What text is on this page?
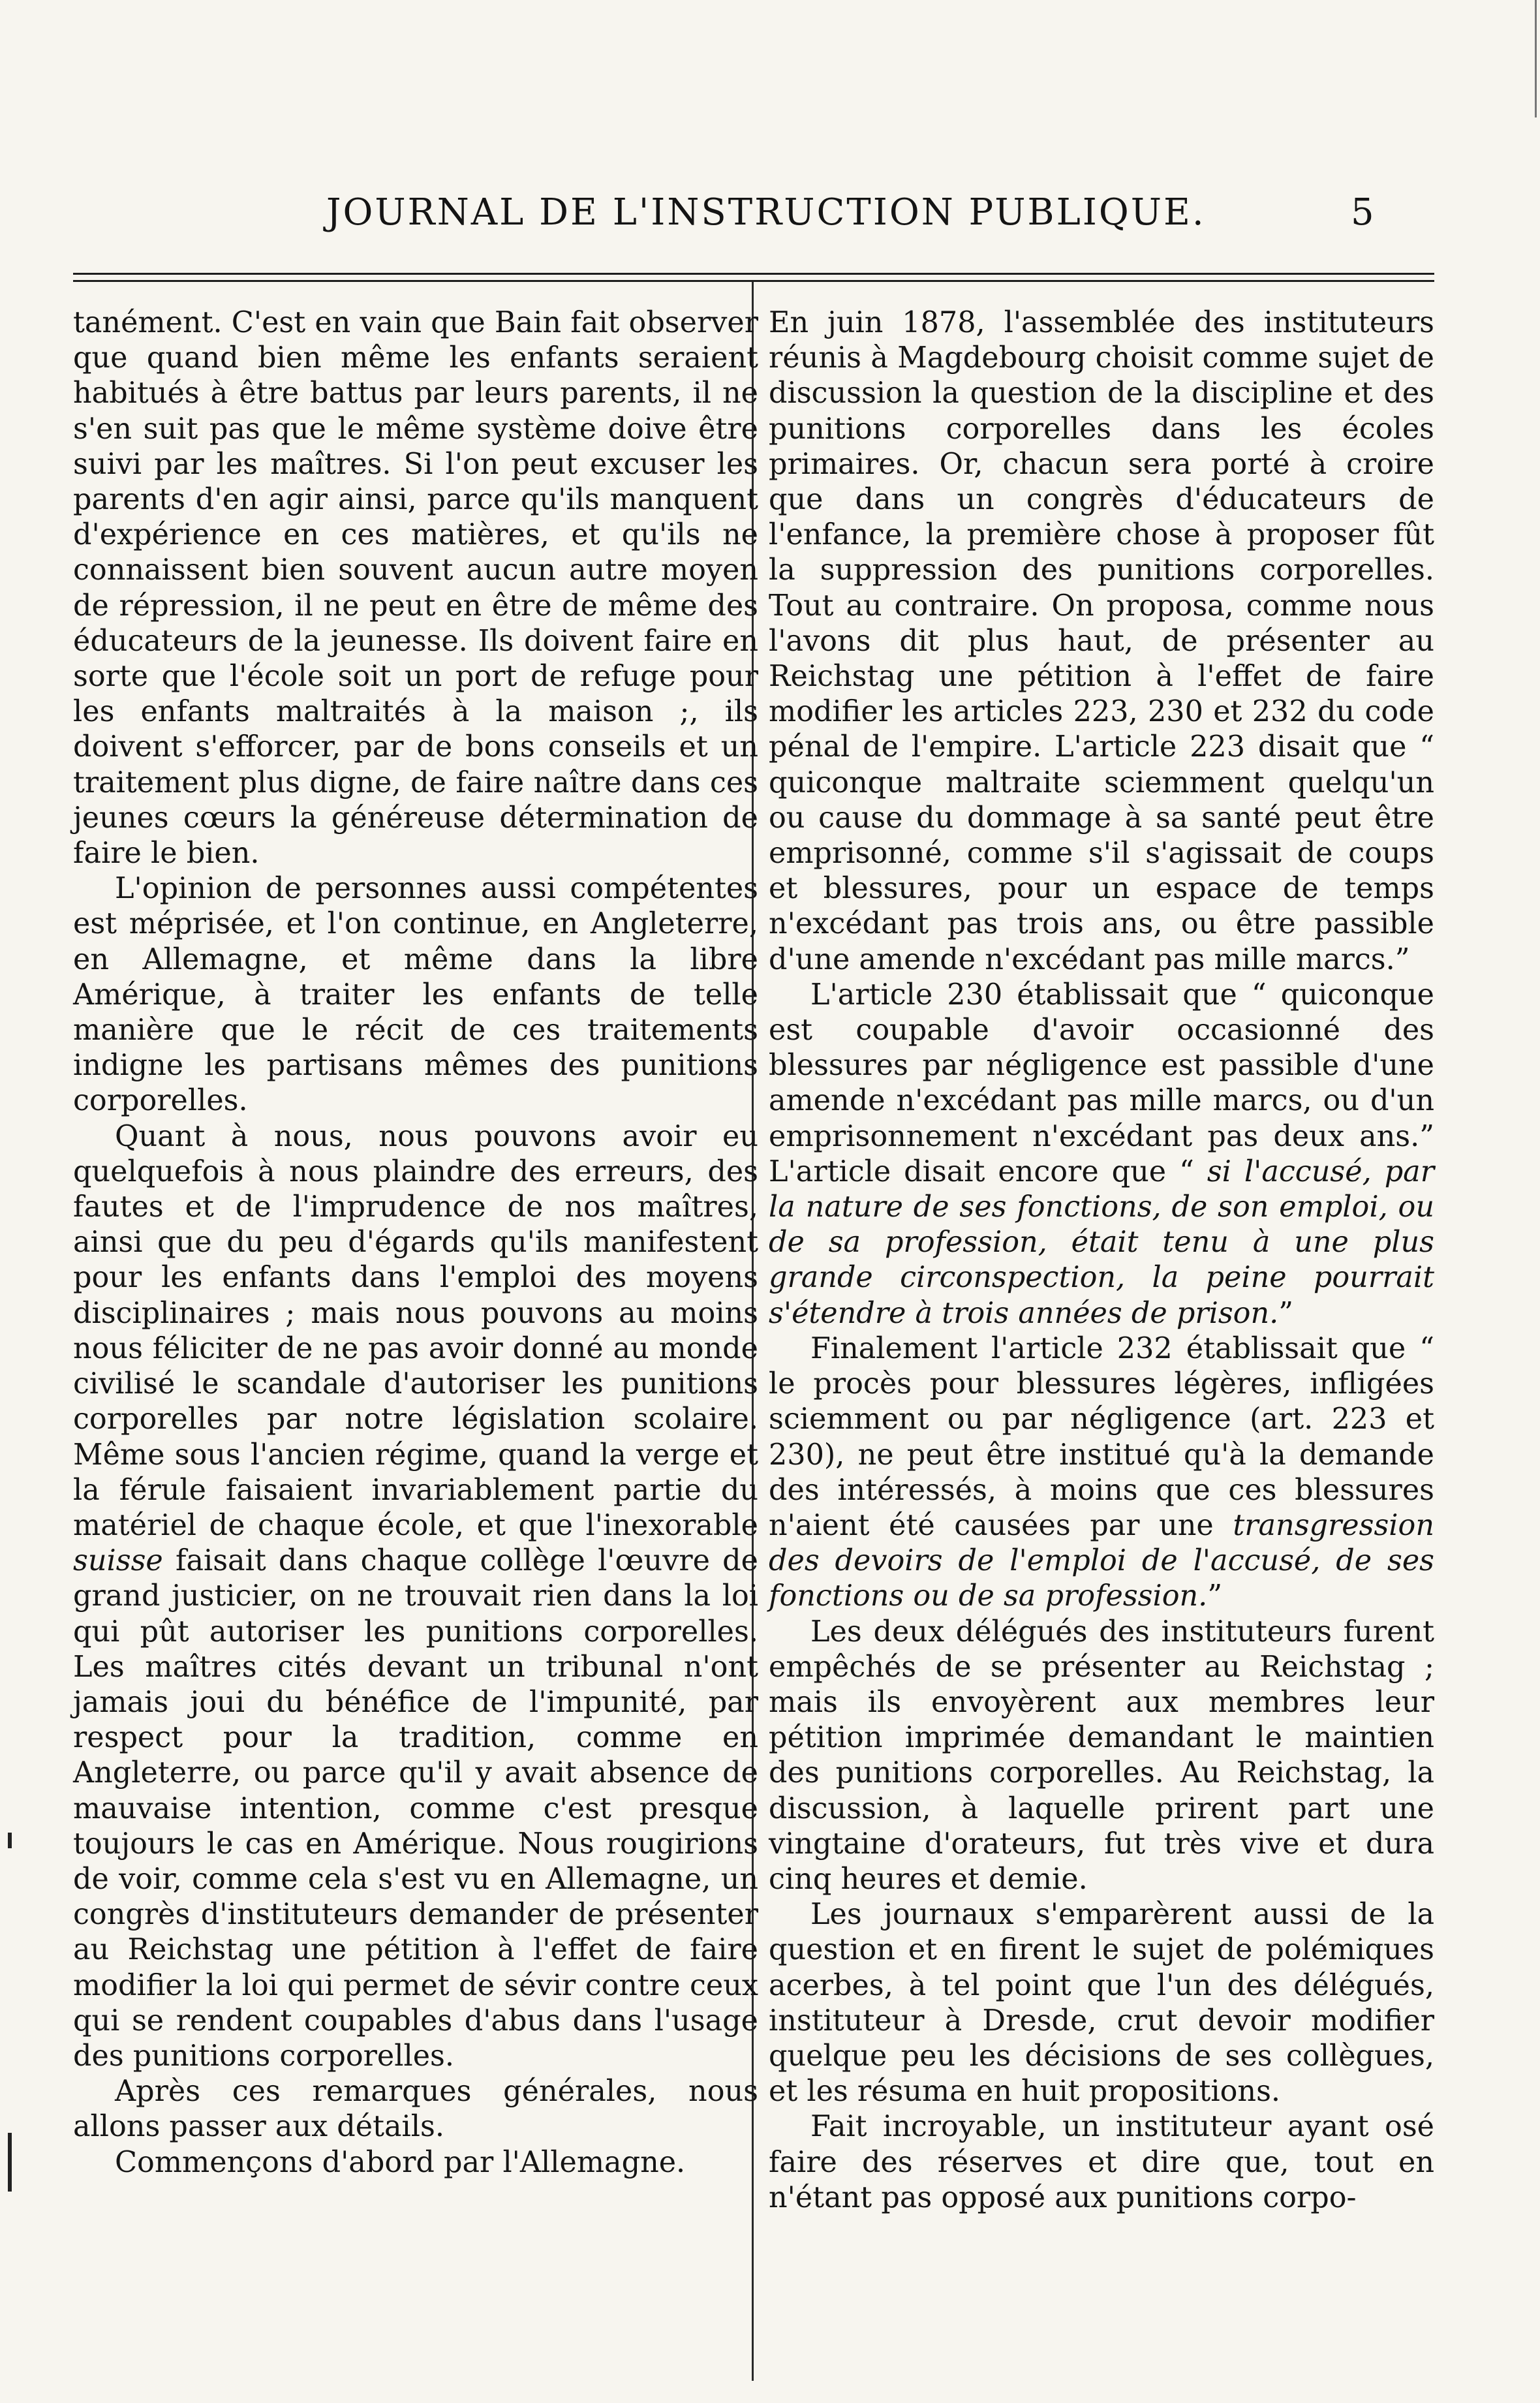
JOURNAL DE L'INSTRUCTION PUBLIQUE.	5

tanément. C'est en vain que Bain fait observer que quand bien même les enfants seraient habitués à être battus par leurs parents, il ne s'en suit pas que le même système doive être suivi par les maîtres. Si l'on peut excuser les parents d'en agir ainsi, parce qu'ils manquent d'expérience en ces matières, et qu'ils ne connaissent bien souvent aucun autre moyen de répression, il ne peut en être de même des éducateurs de la jeunesse. Ils doivent faire en sorte que l'école soit un port de refuge pour les enfants maltraités à la maison ;, ils doivent s'efforcer, par de bons conseils et un traitement plus digne, de faire naître dans ces jeunes cœurs la généreuse détermination de faire le bien.

L'opinion de personnes aussi compétentes est méprisée, et l'on continue, en Angleterre, en Allemagne, et même dans la libre Amérique, à traiter les enfants de telle manière que le récit de ces traitements indigne les partisans mêmes des punitions corporelles.

Quant à nous, nous pouvons avoir eu quelquefois à nous plaindre des erreurs, des fautes et de l'imprudence de nos maîtres, ainsi que du peu d'égards qu'ils manifestent pour les enfants dans l'emploi des moyens disciplinaires ; mais nous pouvons au moins nous féliciter de ne pas avoir donné au monde civilisé le scandale d'autoriser les punitions corporelles par notre législation scolaire. Même sous l'ancien régime, quand la verge et la férule faisaient invariablement partie du matériel de chaque école, et que l'inexorable suisse faisait dans chaque collège l'œuvre de grand justicier, on ne trouvait rien dans la loi qui pût autoriser les punitions corporelles. Les maîtres cités devant un tribunal n'ont jamais joui du bénéfice de l'impunité, par respect pour la tradition, comme en Angleterre, ou parce qu'il y avait absence de mauvaise intention, comme c'est presque toujours le cas en Amérique. Nous rougirions de voir, comme cela s'est vu en Allemagne, un congrès d'instituteurs demander de présenter au Reichstag une pétition à l'effet de faire modifier la loi qui permet de sévir contre ceux qui se rendent coupables d'abus dans l'usage des punitions corporelles.

Après ces remarques générales, nous allons passer aux détails.

Commençons d'abord par l'Allemagne.

En juin 1878, l'assemblée des instituteurs réunis à Magdebourg choisit comme sujet de discussion la question de la discipline et des punitions corporelles dans les écoles primaires. Or, chacun sera porté à croire que dans un congrès d'éducateurs de l'enfance, la première chose à proposer fût la suppression des punitions corporelles. Tout au contraire. On proposa, comme nous l'avons dit plus haut, de présenter au Reichstag une pétition à l'effet de faire modifier les articles 223, 230 et 232 du code pénal de l'empire. L'article 223 disait que “ quiconque maltraite sciemment quelqu'un ou cause du dommage à sa santé peut être emprisonné, comme s'il s'agissait de coups et blessures, pour un espace de temps n'excédant pas trois ans, ou être passible d'une amende n'excédant pas mille marcs.”

L'article 230 établissait que “ quiconque est coupable d'avoir occasionné des blessures par négligence est passible d'une amende n'excédant pas mille marcs, ou d'un emprisonnement n'excédant pas deux ans.” L'article disait encore que “ si l'accusé, par la nature de ses fonctions, de son emploi, ou de sa profession, était tenu à une plus grande circonspection, la peine pourrait s'étendre à trois années de prison.”

Finalement l'article 232 établissait que “ le procès pour blessures légères, infligées sciemment ou par négligence (art. 223 et 230), ne peut être institué qu'à la demande des intéressés, à moins que ces blessures n'aient été causées par une transgression des devoirs de l'emploi de l'accusé, de ses fonctions ou de sa profession.”

Les deux délégués des instituteurs furent empêchés de se présenter au Reichstag ; mais ils envoyèrent aux membres leur pétition imprimée demandant le maintien des punitions corporelles. Au Reichstag, la discussion, à laquelle prirent part une vingtaine d'orateurs, fut très vive et dura cinq heures et demie.

Les journaux s'emparèrent aussi de la question et en firent le sujet de polémiques acerbes, à tel point que l'un des délégués, instituteur à Dresde, crut devoir modifier quelque peu les décisions de ses collègues, et les résuma en huit propositions.

Fait incroyable, un instituteur ayant osé faire des réserves et dire que, tout en n'étant pas opposé aux punitions corpo-
